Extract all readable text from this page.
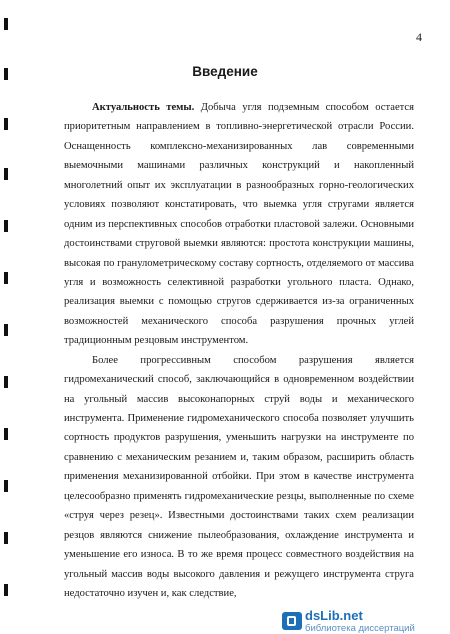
4
Введение
Актуальность темы. Добыча угля подземным способом остается
приоритетным направлением в топливно-энергетической отрасли России.
Оснащенность комплексно-механизированных лав современными
выемочными машинами различных конструкций и накопленный
многолетний опыт их эксплуатации в разнообразных горно-геологических
условиях позволяют констатировать, что выемка угля стругами является
одним из перспективных способов отработки пластовой залежи. Основными
достоинствами струговой выемки являются: простота конструкции машины,
высокая по гранулометрическому составу сортность, отделяемого от массива
угля и возможность селективной разработки угольного пласта. Однако,
реализация выемки с помощью стругов сдерживается из-за ограниченных
возможностей механического способа разрушения прочных углей
традиционным резцовым инструментом.
Более прогрессивным способом разрушения является
гидромеханический способ, заключающийся в одновременном воздействии
на угольный массив высоконапорных струй воды и механического
инструмента. Применение гидромеханического способа позволяет улучшить
сортность продуктов разрушения, уменьшить нагрузки на инструменте по
сравнению с механическим резанием и, таким образом, расширить область
применения механизированной отбойки. При этом в качестве инструмента
целесообразно применять гидромеханические резцы, выполненные по схеме
«струя через резец». Известными достоинствами таких схем реализации
резцов являются снижение пылеобразования, охлаждение инструмента и
уменьшение его износа. В то же время процесс совместного воздействия на
угольный массив воды высокого давления и режущего инструмента струга
недостаточно изучен и, как следствие,
dsLib.net
библиотека диссертаций
